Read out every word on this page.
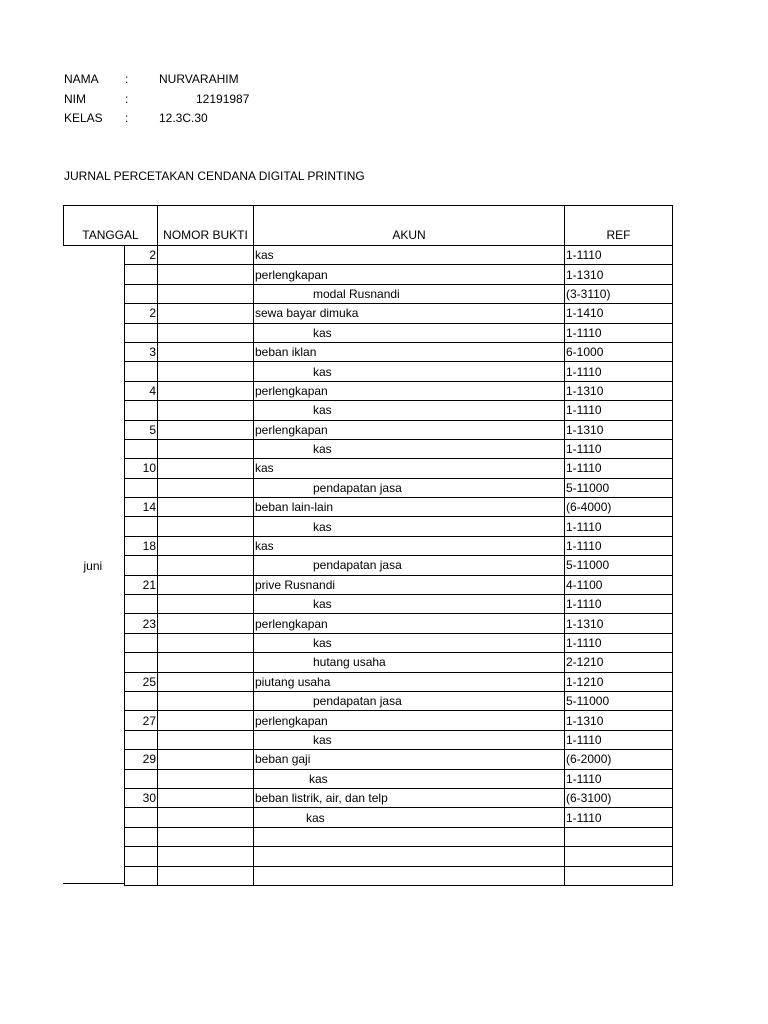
NAMA :	NURVARAHIM
NIM	:	12191987
KELAS :	12.3C.30
JURNAL PERCETAKAN CENDANA DIGITAL PRINTING
TANGGAL		NOMOR BUKTI	AKUN	REF
juni	2		kas	1-1110
			perlengkapan	1-1310
			modal Rusnandi	(3-3110)
	2		sewa bayar dimuka	1-1410
			kas	1-1110
	3		beban iklan	6-1000
			kas	1-1110
	4		perlengkapan	1-1310
			kas	1-1110
	5		perlengkapan	1-1310
			kas	1-1110
	10		kas	1-1110
			pendapatan jasa	5-11000
	14		beban lain-lain	(6-4000)
			kas	1-1110
	18		kas	1-1110
			pendapatan jasa	5-11000
	21		prive Rusnandi	4-1100
			kas	1-1110
	23		perlengkapan	1-1310
			kas	1-1110
			hutang usaha	2-1210
	25		piutang usaha	1-1210
			pendapatan jasa	5-11000
	27		perlengkapan	1-1310
			kas	1-1110
	29		beban gaji	(6-2000)
			kas	1-1110
	30		beban listrik, air, dan telp	(6-3100)
			kas	1-1110
